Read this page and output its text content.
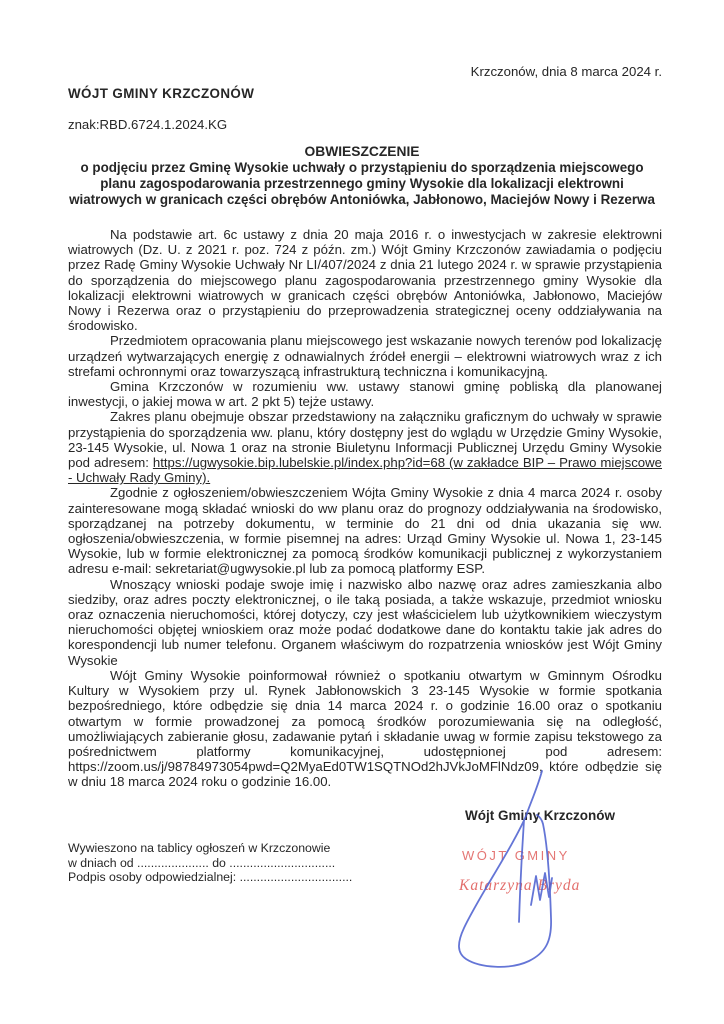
Krzczonów, dnia 8 marca 2024 r.
WÓJT GMINY KRZCZONÓW
znak:RBD.6724.1.2024.KG
OBWIESZCZENIE
o podjęciu przez Gminę Wysokie uchwały o przystąpieniu do sporządzenia miejscowego planu zagospodarowania przestrzennego gminy Wysokie dla lokalizacji elektrowni wiatrowych w granicach części obrębów Antoniówka, Jabłonowo, Maciejów Nowy i Rezerwa

Na podstawie art. 6c ustawy z dnia 20 maja 2016 r. o inwestycjach w zakresie elektrowni wiatrowych (Dz. U. z 2021 r. poz. 724 z późn. zm.) Wójt Gminy Krzczonów zawiadamia o podjęciu przez Radę Gminy Wysokie Uchwały Nr LI/407/2024 z dnia 21 lutego 2024 r. w sprawie przystąpienia do sporządzenia do miejscowego planu zagospodarowania przestrzennego gminy Wysokie dla lokalizacji elektrowni wiatrowych w granicach części obrębów Antoniówka, Jabłonowo, Maciejów Nowy i Rezerwa oraz o przystąpieniu do przeprowadzenia strategicznej oceny oddziaływania na środowisko.

Przedmiotem opracowania planu miejscowego jest wskazanie nowych terenów pod lokalizację urządzeń wytwarzających energię z odnawialnych źródeł energii – elektrowni wiatrowych wraz z ich strefami ochronnymi oraz towarzyszącą infrastrukturą techniczna i komunikacyjną.

Gmina Krzczonów w rozumieniu ww. ustawy stanowi gminę pobliską dla planowanej inwestycji, o jakiej mowa w art. 2 pkt 5) tejże ustawy.

Zakres planu obejmuje obszar przedstawiony na załączniku graficznym do uchwały w sprawie przystąpienia do sporządzenia ww. planu, który dostępny jest do wglądu w Urzędzie Gminy Wysokie, 23-145 Wysokie, ul. Nowa 1 oraz na stronie Biuletynu Informacji Publicznej Urzędu Gminy Wysokie pod adresem: https://ugwysokie.bip.lubelskie.pl/index.php?id=68 (w zakładce BIP – Prawo miejscowe - Uchwały Rady Gminy).

Zgodnie z ogłoszeniem/obwieszczeniem Wójta Gminy Wysokie z dnia 4 marca 2024 r. osoby zainteresowane mogą składać wnioski do ww planu oraz do prognozy oddziaływania na środowisko, sporządzanej na potrzeby dokumentu, w terminie do 21 dni od dnia ukazania się ww. ogłoszenia/obwieszczenia, w formie pisemnej na adres: Urząd Gminy Wysokie ul. Nowa 1, 23-145 Wysokie, lub w formie elektronicznej za pomocą środków komunikacji publicznej z wykorzystaniem adresu e-mail: sekretariat@ugwysokie.pl lub za pomocą platformy ESP.

Wnoszący wnioski podaje swoje imię i nazwisko albo nazwę oraz adres zamieszkania albo siedziby, oraz adres poczty elektronicznej, o ile taką posiada, a także wskazuje, przedmiot wniosku oraz oznaczenia nieruchomości, której dotyczy, czy jest właścicielem lub użytkownikiem wieczystym nieruchomości objętej wnioskiem oraz może podać dodatkowe dane do kontaktu takie jak adres do korespondencji lub numer telefonu. Organem właściwym do rozpatrzenia wniosków jest Wójt Gminy Wysokie

Wójt Gminy Wysokie poinformował również o spotkaniu otwartym w Gminnym Ośrodku Kultury w Wysokiem przy ul. Rynek Jabłonowskich 3 23-145 Wysokie w formie spotkania bezpośredniego, które odbędzie się dnia 14 marca 2024 r. o godzinie 16.00 oraz o spotkaniu otwartym w formie prowadzonej za pomocą środków porozumiewania się na odległość, umożliwiających zabieranie głosu, zadawanie pytań i składanie uwag w formie zapisu tekstowego za pośrednictwem platformy komunikacyjnej, udostępnionej pod adresem: https://zoom.us/j/98784973054pwd=Q2MyaEd0TW1SQTNOd2hJVkJoMFlNdz09, które odbędzie się w dniu 18 marca 2024 roku o godzinie 16.00.

Wójt Gminy Krzczonów
WÓJT GMINY
Katarzyna Bryda
Wywieszono na tablicy ogłoszeń w Krzczonowie
w dniach od ..................... do ...............................
Podpis osoby odpowiedzialnej: .................................
